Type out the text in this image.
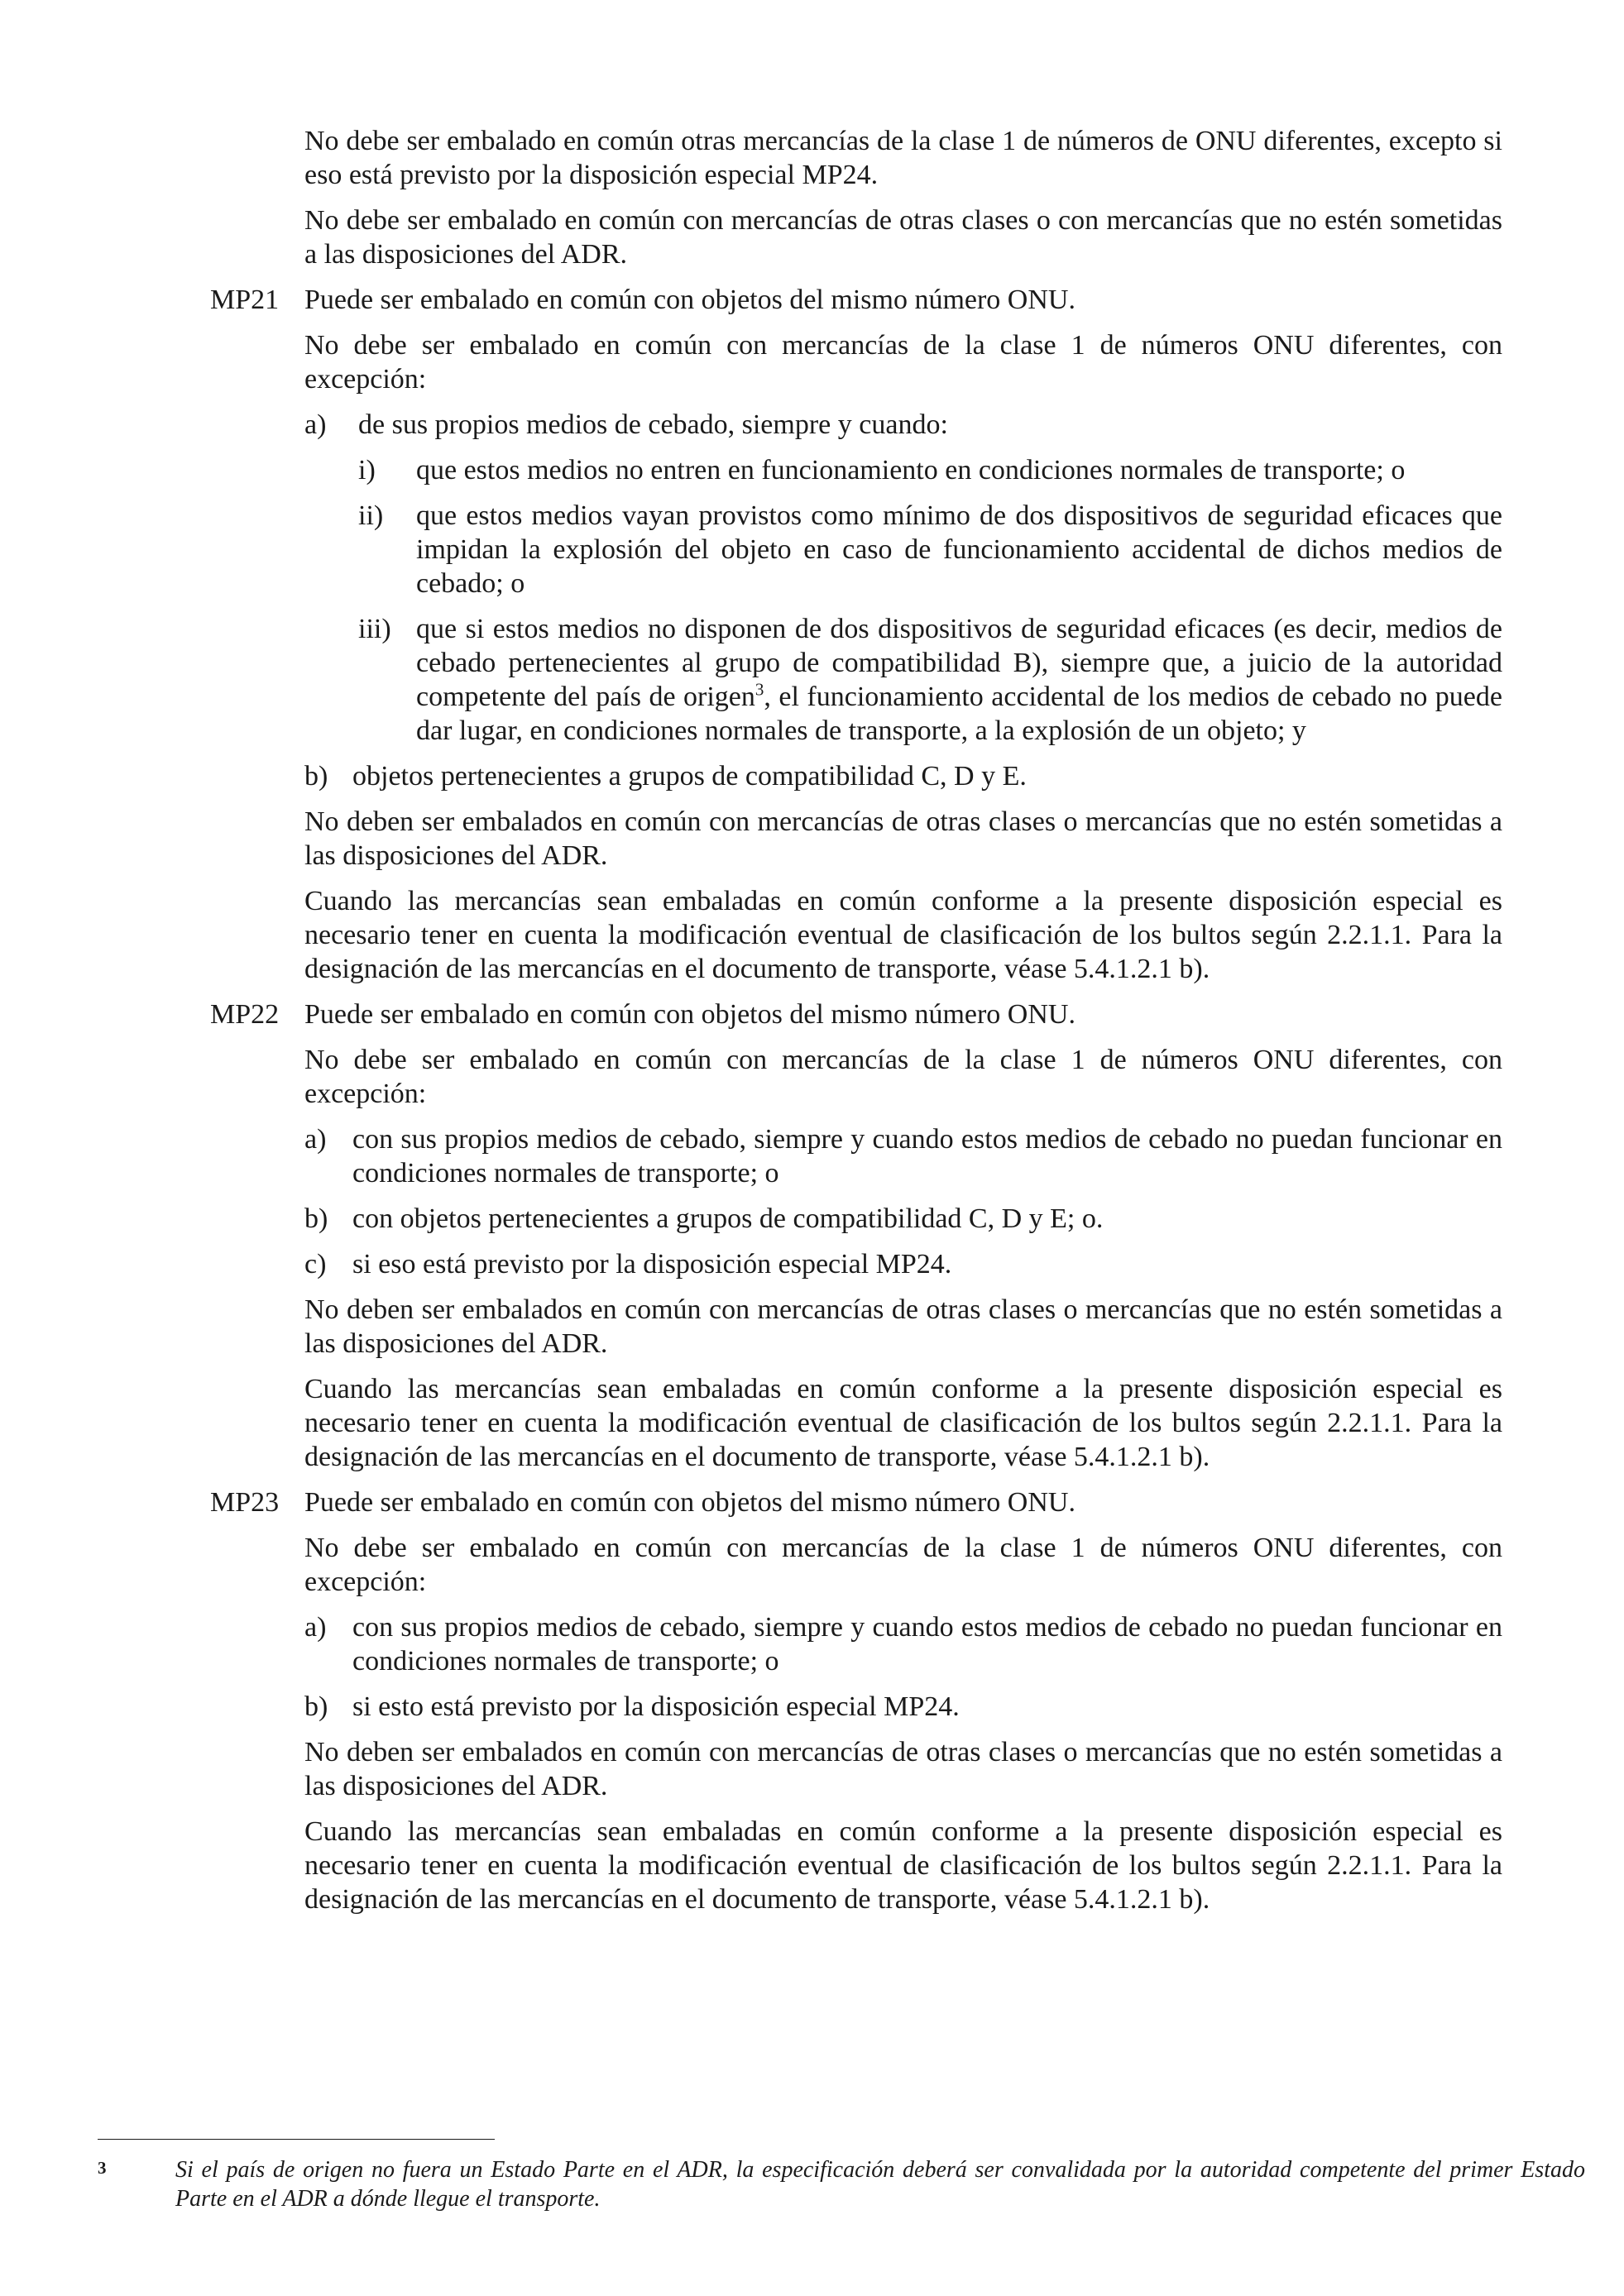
No debe ser embalado en común otras mercancías de la clase 1 de números de ONU diferentes, excepto si eso está previsto por la disposición especial MP24.

No debe ser embalado en común con mercancías de otras clases o con mercancías que no estén sometidas a las disposiciones del ADR.

MP21 Puede ser embalado en común con objetos del mismo número ONU.

No debe ser embalado en común con mercancías de la clase 1 de números ONU diferentes, con excepción:

a) de sus propios medios de cebado, siempre y cuando:

i) que estos medios no entren en funcionamiento en condiciones normales de transporte; o

ii) que estos medios vayan provistos como mínimo de dos dispositivos de seguridad eficaces que impidan la explosión del objeto en caso de funcionamiento accidental de dichos medios de cebado; o

iii) que si estos medios no disponen de dos dispositivos de seguridad eficaces (es decir, medios de cebado pertenecientes al grupo de compatibilidad B), siempre que, a juicio de la autoridad competente del país de origen$^3$, el funcionamiento accidental de los medios de cebado no puede dar lugar, en condiciones normales de transporte, a la explosión de un objeto; y

b) objetos pertenecientes a grupos de compatibilidad C, D y E.

No deben ser embalados en común con mercancías de otras clases o mercancías que no estén sometidas a las disposiciones del ADR.

Cuando las mercancías sean embaladas en común conforme a la presente disposición especial es necesario tener en cuenta la modificación eventual de clasificación de los bultos según 2.2.1.1. Para la designación de las mercancías en el documento de transporte, véase 5.4.1.2.1 b).

MP22 Puede ser embalado en común con objetos del mismo número ONU.

No debe ser embalado en común con mercancías de la clase 1 de números ONU diferentes, con excepción:

a) con sus propios medios de cebado, siempre y cuando estos medios de cebado no puedan funcionar en condiciones normales de transporte; o

b) con objetos pertenecientes a grupos de compatibilidad C, D y E; o.

c) si eso está previsto por la disposición especial MP24.

No deben ser embalados en común con mercancías de otras clases o mercancías que no estén sometidas a las disposiciones del ADR.

Cuando las mercancías sean embaladas en común conforme a la presente disposición especial es necesario tener en cuenta la modificación eventual de clasificación de los bultos según 2.2.1.1. Para la designación de las mercancías en el documento de transporte, véase 5.4.1.2.1 b).

MP23 Puede ser embalado en común con objetos del mismo número ONU.

No debe ser embalado en común con mercancías de la clase 1 de números ONU diferentes, con excepción:

a) con sus propios medios de cebado, siempre y cuando estos medios de cebado no puedan funcionar en condiciones normales de transporte; o

b) si esto está previsto por la disposición especial MP24.

No deben ser embalados en común con mercancías de otras clases o mercancías que no estén sometidas a las disposiciones del ADR.

Cuando las mercancías sean embaladas en común conforme a la presente disposición especial es necesario tener en cuenta la modificación eventual de clasificación de los bultos según 2.2.1.1. Para la designación de las mercancías en el documento de transporte, véase 5.4.1.2.1 b).

3	Si el país de origen no fuera un Estado Parte en el ADR, la especificación deberá ser convalidada por la autoridad competente del primer Estado Parte en el ADR a dónde llegue el transporte.
